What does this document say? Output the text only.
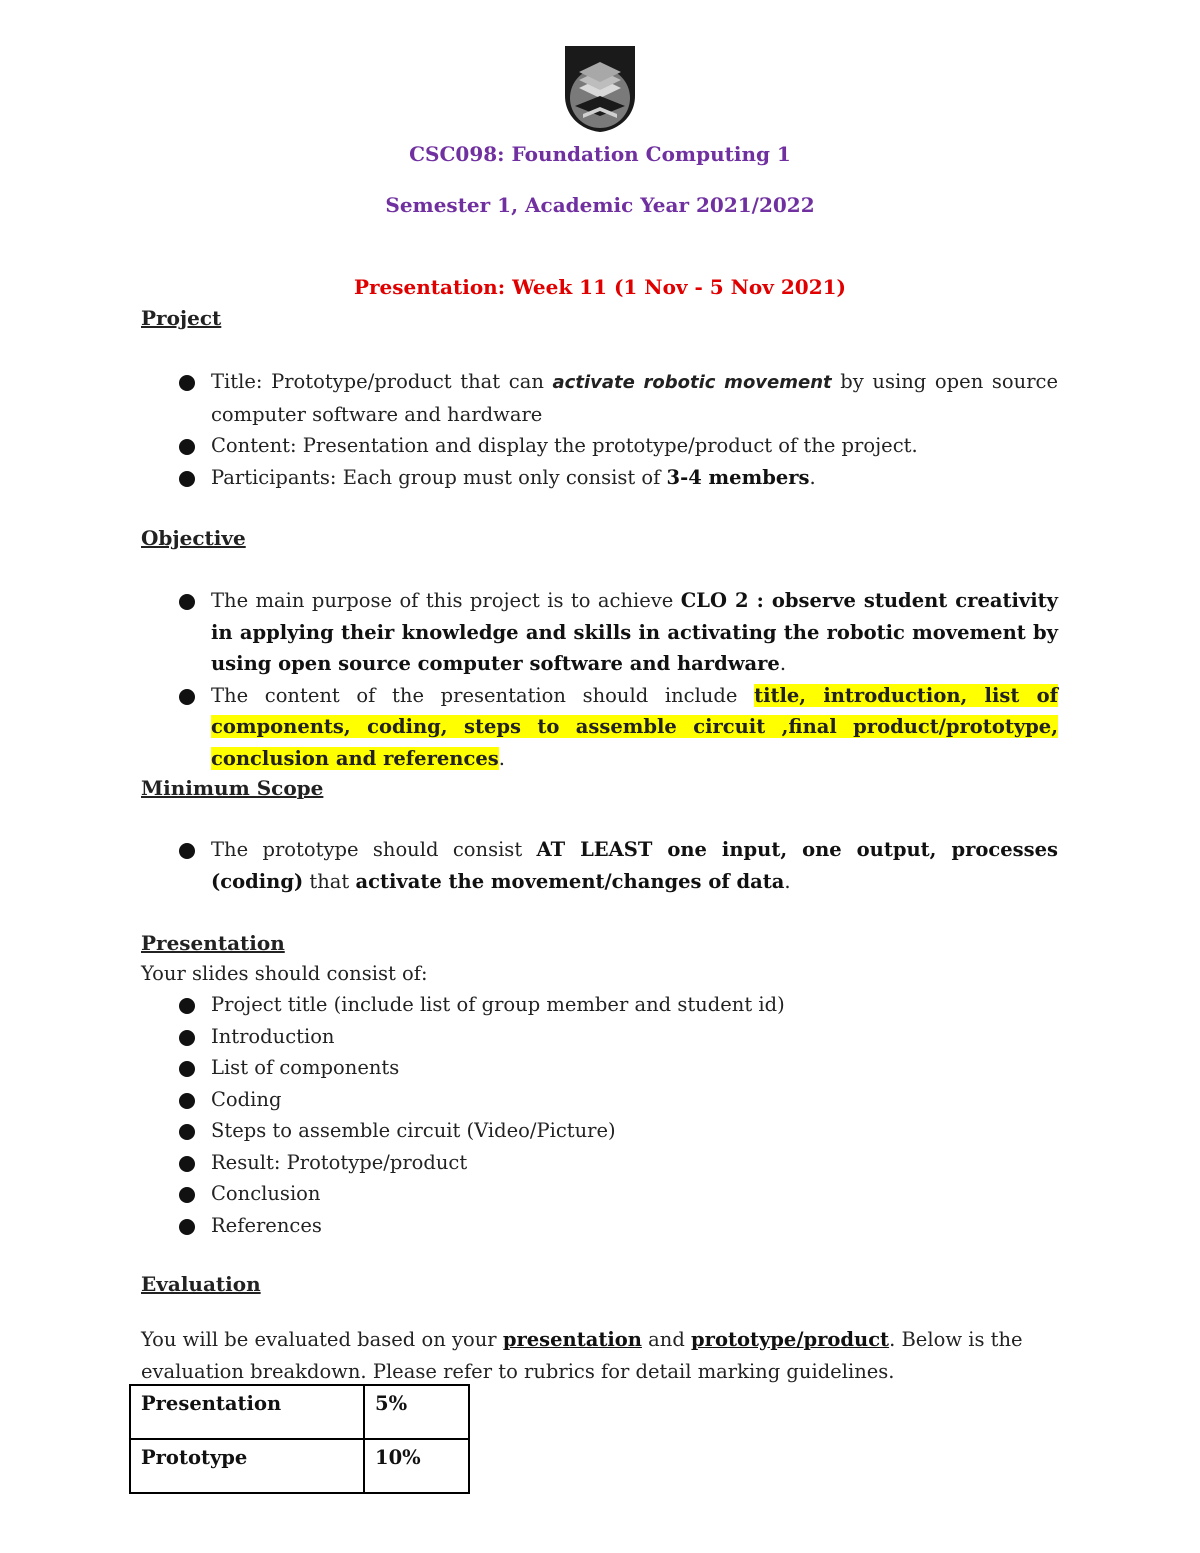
CSC098: Foundation Computing 1
Semester 1, Academic Year 2021/2022
Presentation: Week 11 (1 Nov - 5 Nov 2021)
Project
Title: Prototype/product that can activate robotic movement by using open source computer software and hardware
Content: Presentation and display the prototype/product of the project.
Participants: Each group must only consist of 3-4 members.
Objective
The main purpose of this project is to achieve CLO 2 : observe student creativity in applying their knowledge and skills in activating the robotic movement by using open source computer software and hardware.
The content of the presentation should include title, introduction, list of components, coding, steps to assemble circuit ,final product/prototype, conclusion and references.
Minimum Scope
The prototype should consist AT LEAST one input, one output, processes (coding) that activate the movement/changes of data.
Presentation
Your slides should consist of:
Project title (include list of group member and student id)
Introduction
List of components
Coding
Steps to assemble circuit (Video/Picture)
Result: Prototype/product
Conclusion
References
Evaluation
You will be evaluated based on your presentation and prototype/product. Below is the evaluation breakdown. Please refer to rubrics for detail marking guidelines.
Presentation	5%
Prototype	10%
